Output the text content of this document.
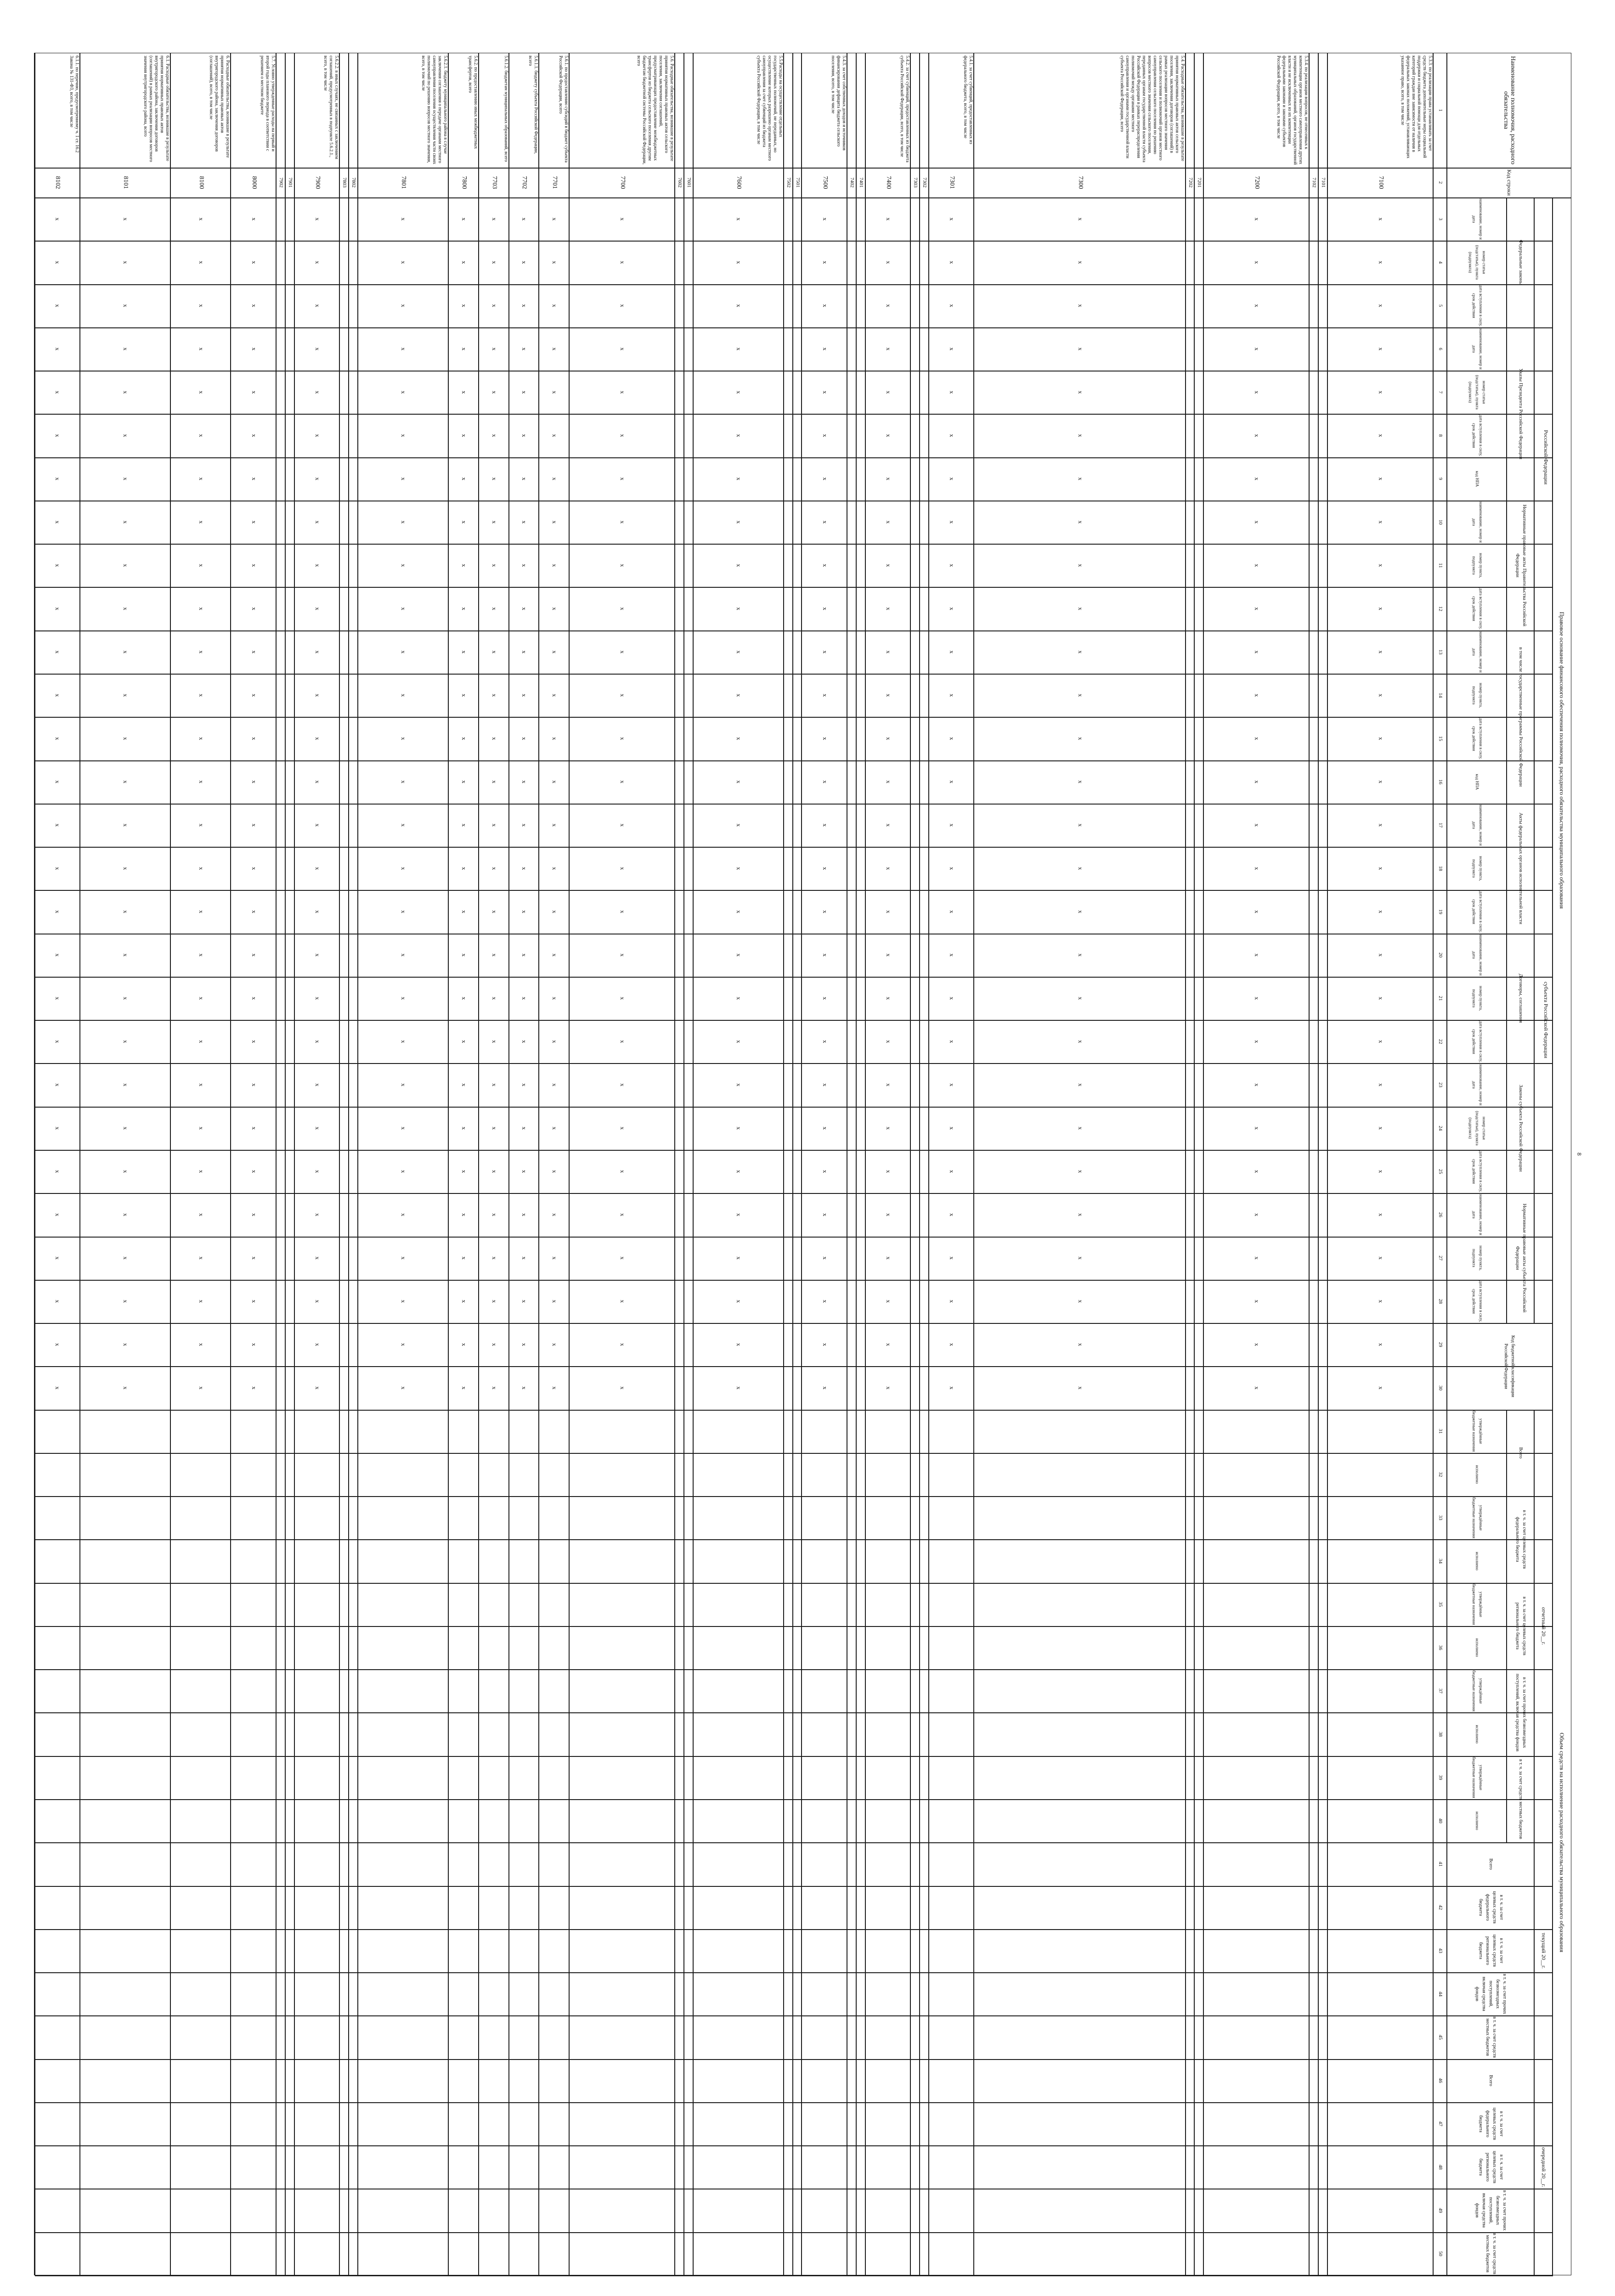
8
Наименование полномочия, расходного обязательства
Код строки
Правовое основание финансового обеспечения полномочия, расходного обязательства муниципального образования
Российской Федерации
субъекта Российской Федерации
Код бюджетной классификации Российской Федерации
Объем средств на исполнение расходного обязательства муниципального образования
Федеральные законы
наименование, номер и дата
номер статьи (подстатьи), пункта (подпункта)
дата вступления в силу, срок действия
Указы Президента Российской Федерации
наименование, номер и дата
номер статьи (подстатьи), пункта (подпункта)
дата вступления в силу, срок действия
код НПА
Нормативные правовые акты Правительства Российской Федерации
наименование, номер и дата
номер пункта, подпункта
дата вступления в силу, срок действия
в том числе государственные программы Российской Федерации
наименование, номер и дата
номер пункта, подпункта
дата вступления в силу, срок действия
код НПА
Акты федеральных органов исполнительной власти
наименование, номер и дата
номер пункта, подпункта
дата вступления в силу, срок действия
Договоры, соглашения
наименование, номер и дата
номер пункта, подпункта
дата вступления в силу, срок действия
Законы субъекта Российской Федерации
наименование, номер и дата
номер статьи (подстатьи), пункта (подпункта)
дата вступления в силу, срок действия
Нормативные правовые акты субъекта Российской Федерации
наименование, номер и дата
номер пункта, подпункта
дата вступления в силу, срок действия
отчетный 20__г.
Всего
утверждённые бюджетные назначения
исполнено
в т. ч. за счет целевых средств федерального бюджета
утверждённые бюджетные назначения
исполнено
в т. ч. за счет целевых средств регионального бюджета
утверждённые бюджетные назначения
исполнено
в т. ч. за счет прочих безвозмездных поступлений, включая средства фондов
утверждённые бюджетные назначения
исполнено
в т. ч. за счет средств местных бюджетов
утверждённые бюджетные назначения
исполнено
текущий 20__г.
Всего
в т. ч. за счет целевых средств федерального бюджета
в т. ч. за счет целевых средств регионального бюджета
в т. ч. за счет прочих безвозмездных поступлений, включая средства фондов
в т. ч. за счет средств местных бюджетов
очередной 20__г.
Всего
в т. ч. за счет целевых средств федерального бюджета
в т. ч. за счет целевых средств регионального бюджета
в т. ч. за счет прочих безвозмездных поступлений, включая средства фондов
в т. ч. за счет средств местных бюджетов
1
2
3
4
5
6
7
8
9
10
11
12
13
14
15
16
17
18
19
20
21
22
23
24
25
26
27
28
29
30
31
32
33
34
35
36
37
38
39
40
41
42
43
44
45
46
47
48
49
50
5.3.3. по реализации права устанавливать за счет средств бюджета дополнительные меры социальной поддержки и социальной помощи для отдельных категорий граждан вне зависимости от наличия в федеральных законах положений, устанавливающих указанное право, всего, в том числе
7100
x
x
x
x
x
x
x
x
x
x
x
x
x
x
x
x
x
x
x
x
x
x
x
x
x
x
x
x
7101
7102
5.3.4. по реализации вопросов, не отнесенных к компетенции органов местного самоуправления других муниципальных образований, органов государственной власти и не исключенных из их компетенции федеральными законами и законами субъектов Российской Федерации, всего, в том числе
7200
x
x
x
x
x
x
x
x
x
x
x
x
x
x
x
x
x
x
x
x
x
x
x
x
x
x
x
x
7201
7202
5.4. Расходные обязательства, возникшие в результате принятия нормативных правовых актов сельского поселения, заключения договоров (соглашений) в рамках реализации вопросов местного значения сельского поселения и полномочий органов местного самоуправления сельского поселения по решению вопросов местного значения сельского поселения, переданных органам государственной власти субъекта Российской Федерации в рамках перераспределения полномочий между органами местного самоуправления и органами государственной власти субъекта Российской Федерации, всего
7300
x
x
x
x
x
x
x
x
x
x
x
x
x
x
x
x
x
x
x
x
x
x
x
x
x
x
x
x
5.4.1. за счет субвенций, предоставленных из федерального бюджета, всего, в том числе
7301
x
x
x
x
x
x
x
x
x
x
x
x
x
x
x
x
x
x
x
x
x
x
x
x
x
x
x
x
7302
7303
5.4.2. за счет субвенций, предоставленных из бюджета субъекта Российской Федерации, всего, в том числе
7400
x
x
x
x
x
x
x
x
x
x
x
x
x
x
x
x
x
x
x
x
x
x
x
x
x
x
x
x
7401
7402
5.4.3. за счет собственных доходов и источников финансирования дефицита бюджета сельского поселения, всего, в том числе
7500
x
x
x
x
x
x
x
x
x
x
x
x
x
x
x
x
x
x
x
x
x
x
x
x
x
x
x
x
7501
7502
5.5.Расходы на осуществление отдельных государственных полномочий, не переданных, но осуществление которых разрешено органам местного самоуправления за счет субвенций из бюджета субъекта Российской Федерации, в том числе
7600
x
x
x
x
x
x
x
x
x
x
x
x
x
x
x
x
x
x
x
x
x
x
x
x
x
x
x
x
7601
7602
5.6. Расходные обязательства, возникшие в результате принятия нормативных правовых актов сельского поселения, заключения соглашений, предусматривающих предоставление межбюджетных трансфертов из бюджета сельского поселения другим бюджетам бюджетной системы Российской Федерации, всего
7700
x
x
x
x
x
x
x
x
x
x
x
x
x
x
x
x
x
x
x
x
x
x
x
x
x
x
x
x
5.6.1. по предоставлению субсидий в бюджет субъекта Российской Федерации, всего
7701
x
x
x
x
x
x
x
x
x
x
x
x
x
x
x
x
x
x
x
x
x
x
x
x
x
x
x
x
5.6.1.1. бюджету субъекта Российской Федерации, всего
7702
x
x
x
x
x
x
x
x
x
x
x
x
x
x
x
x
x
x
x
x
x
x
x
x
x
x
x
x
5.6.1.2. бюджетам муниципальных образований, всего
7703
x
x
x
x
x
x
x
x
x
x
x
x
x
x
x
x
x
x
x
x
x
x
x
x
x
x
x
x
5.6.2. по предоставлению иных межбюджетных трансфертов, всего
7800
x
x
x
x
x
x
x
x
x
x
x
x
x
x
x
x
x
x
x
x
x
x
x
x
x
x
x
x
5.6.2.1. бюджету муниципального района в случае заключения соглашения о передаче органами местного самоуправления поселения осуществления части своих полномочий по решению вопросов местного значения, всего, в том числе
7801
x
x
x
x
x
x
x
x
x
x
x
x
x
x
x
x
x
x
x
x
x
x
x
x
x
x
x
x
7802
7803
5.6.2.2. в иных случаях, не связанных с заключением соглашений, предусмотренных в подпункте 5.6.2.1., всего, в том числе
7900
x
x
x
x
x
x
x
x
x
x
x
x
x
x
x
x
x
x
x
x
x
x
x
x
x
x
x
x
7901
7902
5.7. Условно утвержденные расходы на первый и второй годы планового периода в соответствии с решением о местном бюджете
8000
x
x
x
x
x
x
x
x
x
x
x
x
x
x
x
x
x
x
x
x
x
x
x
x
x
x
x
x
6. Расходные обязательства, возникшие в результате принятия нормативных правовых актов внутригородского района, заключения договоров (соглашений), всего, в том числе
8100
x
x
x
x
x
x
x
x
x
x
x
x
x
x
x
x
x
x
x
x
x
x
x
x
x
x
x
x
6.1. Расходные обязательства, возникшие в результате принятия нормативных правовых актов внутригородского района, заключения договоров (соглашений) в рамках реализации вопросов местного значения внутригородского района, всего
8101
x
x
x
x
x
x
x
x
x
x
x
x
x
x
x
x
x
x
x
x
x
x
x
x
x
x
x
x
6.1.1. по перечню, предусмотренному ч. 1 ст. 16.2 Закона № 131-ФЗ, всего, в том числе
8102
x
x
x
x
x
x
x
x
x
x
x
x
x
x
x
x
x
x
x
x
x
x
x
x
x
x
x
x
